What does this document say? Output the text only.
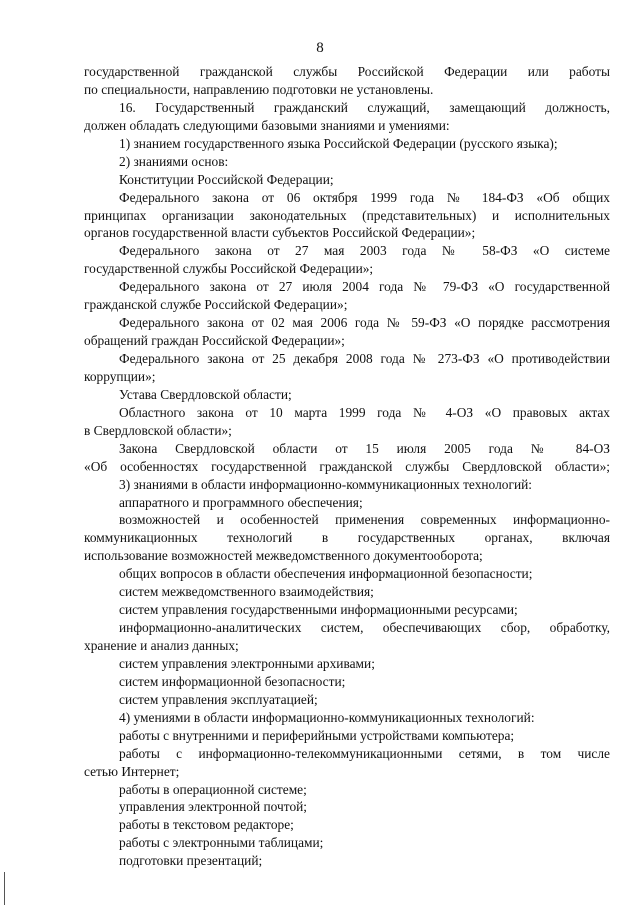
8
государственной гражданской службы Российской Федерации или работы
по специальности, направлению подготовки не установлены.
16. Государственный гражданский служащий, замещающий должность,
должен обладать следующими базовыми знаниями и умениями:
1) знанием государственного языка Российской Федерации (русского языка);
2) знаниями основ:
Конституции Российской Федерации;
Федерального закона от 06 октября 1999 года № 184-ФЗ «Об общих
принципах организации законодательных (представительных) и исполнительных
органов государственной власти субъектов Российской Федерации»;
Федерального закона от 27 мая 2003 года № 58-ФЗ «О системе
государственной службы Российской Федерации»;
Федерального закона от 27 июля 2004 года № 79-ФЗ «О государственной
гражданской службе Российской Федерации»;
Федерального закона от 02 мая 2006 года № 59-ФЗ «О порядке рассмотрения
обращений граждан Российской Федерации»;
Федерального закона от 25 декабря 2008 года № 273-ФЗ «О противодействии
коррупции»;
Устава Свердловской области;
Областного закона от 10 марта 1999 года № 4-ОЗ «О правовых актах
в Свердловской области»;
Закона Свердловской области от 15 июля 2005 года № 84-ОЗ
«Об особенностях государственной гражданской службы Свердловской области»;
3) знаниями в области информационно-коммуникационных технологий:
аппаратного и программного обеспечения;
возможностей и особенностей применения современных информационно-
коммуникационных технологий в государственных органах, включая
использование возможностей межведомственного документооборота;
общих вопросов в области обеспечения информационной безопасности;
систем межведомственного взаимодействия;
систем управления государственными информационными ресурсами;
информационно-аналитических систем, обеспечивающих сбор, обработку,
хранение и анализ данных;
систем управления электронными архивами;
систем информационной безопасности;
систем управления эксплуатацией;
4) умениями в области информационно-коммуникационных технологий:
работы с внутренними и периферийными устройствами компьютера;
работы с информационно-телекоммуникационными сетями, в том числе
сетью Интернет;
работы в операционной системе;
управления электронной почтой;
работы в текстовом редакторе;
работы с электронными таблицами;
подготовки презентаций;
